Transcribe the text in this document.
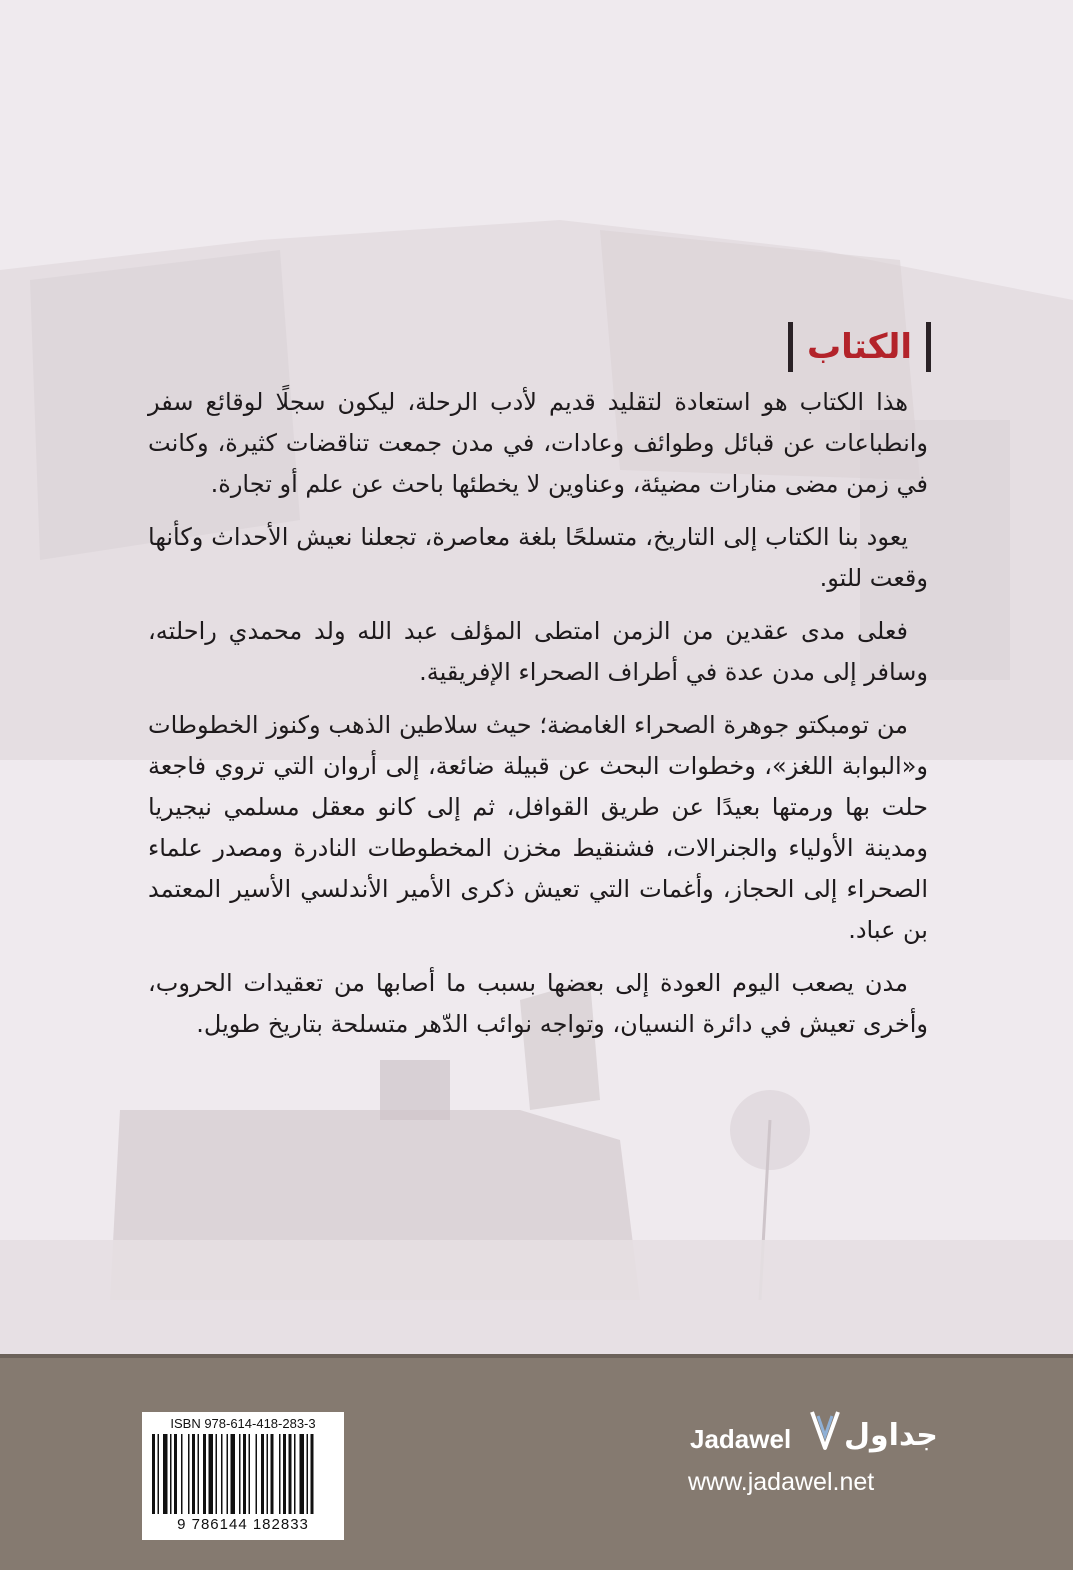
الكتاب

هذا الكتاب هو استعادة لتقليد قديم لأدب الرحلة، ليكون سجلًا لوقائع سفر وانطباعات عن قبائل وطوائف وعادات، في مدن جمعت تناقضات كثيرة، وكانت في زمن مضى منارات مضيئة، وعناوين لا يخطئها باحث عن علم أو تجارة.

يعود بنا الكتاب إلى التاريخ، متسلحًا بلغة معاصرة، تجعلنا نعيش الأحداث وكأنها وقعت للتو.

فعلى مدى عقدين من الزمن امتطى المؤلف عبد الله ولد محمدي راحلته، وسافر إلى مدن عدة في أطراف الصحراء الإفريقية.

من تومبكتو جوهرة الصحراء الغامضة؛ حيث سلاطين الذهب وكنوز الخطوطات و«البوابة اللغز»، وخطوات البحث عن قبيلة ضائعة، إلى أروان التي تروي فاجعة حلت بها ورمتها بعيدًا عن طريق القوافل، ثم إلى كانو معقل مسلمي نيجيريا ومدينة الأولياء والجنرالات، فشنقيط مخزن المخطوطات النادرة ومصدر علماء الصحراء إلى الحجاز، وأغمات التي تعيش ذكرى الأمير الأندلسي الأسير المعتمد بن عباد.

مدن يصعب اليوم العودة إلى بعضها بسبب ما أصابها من تعقيدات الحروب، وأخرى تعيش في دائرة النسيان، وتواجه نوائب الدّهر متسلحة بتاريخ طويل.

ISBN 978-614-418-283-3
9 786144 182833
Jadawel جداول
www.jadawel.net
